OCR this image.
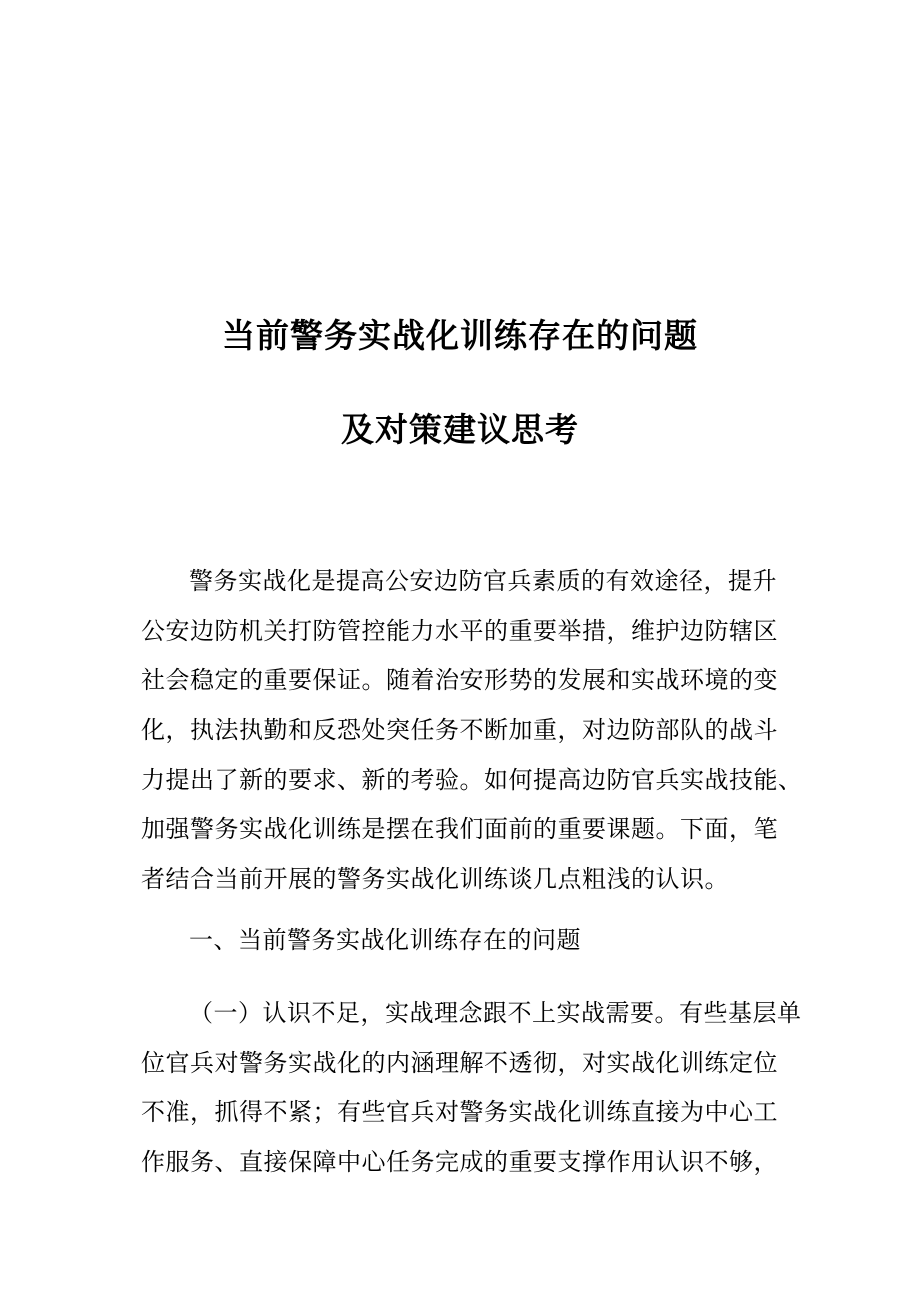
当前警务实战化训练存在的问题
及对策建议思考
警务实战化是提高公安边防官兵素质的有效途径，提升
公安边防机关打防管控能力水平的重要举措，维护边防辖区
社会稳定的重要保证。随着治安形势的发展和实战环境的变
化，执法执勤和反恐处突任务不断加重，对边防部队的战斗
力提出了新的要求、新的考验。如何提高边防官兵实战技能、
加强警务实战化训练是摆在我们面前的重要课题。下面，笔
者结合当前开展的警务实战化训练谈几点粗浅的认识。
一、当前警务实战化训练存在的问题
（一）认识不足，实战理念跟不上实战需要。有些基层单
位官兵对警务实战化的内涵理解不透彻，对实战化训练定位
不准，抓得不紧；有些官兵对警务实战化训练直接为中心工
作服务、直接保障中心任务完成的重要支撑作用认识不够，
